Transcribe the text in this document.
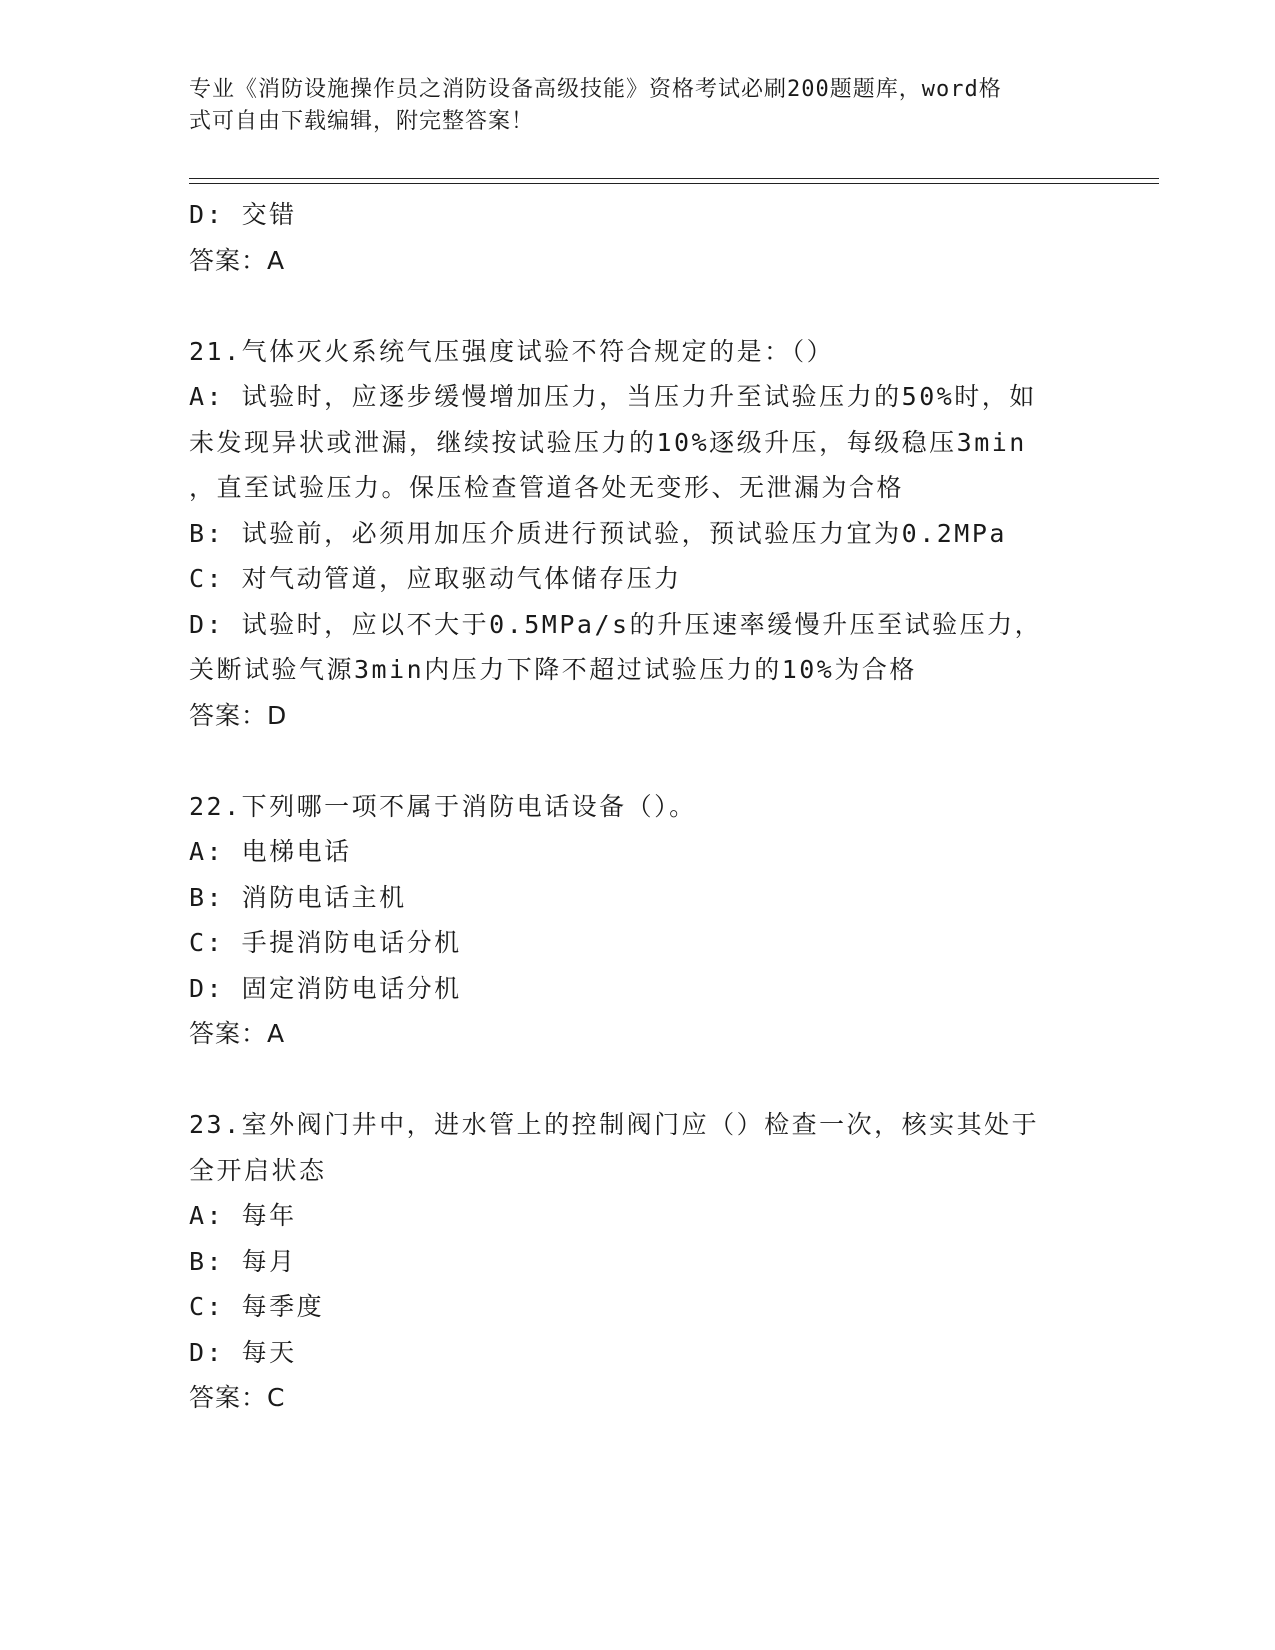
专业《消防设施操作员之消防设备高级技能》资格考试必刷200题题库，word格
式可自由下载编辑，附完整答案！
D: 交错
答案：A
21.气体灭火系统气压强度试验不符合规定的是：（）
A: 试验时，应逐步缓慢增加压力，当压力升至试验压力的50%时，如
未发现异状或泄漏，继续按试验压力的10%逐级升压，每级稳压3min
，直至试验压力。保压检查管道各处无变形、无泄漏为合格
B: 试验前，必须用加压介质进行预试验，预试验压力宜为0.2MPa
C: 对气动管道，应取驱动气体储存压力
D: 试验时，应以不大于0.5MPa/s的升压速率缓慢升压至试验压力，
关断试验气源3min内压力下降不超过试验压力的10%为合格
答案：D
22.下列哪一项不属于消防电话设备（）。
A: 电梯电话
B: 消防电话主机
C: 手提消防电话分机
D: 固定消防电话分机
答案：A
23.室外阀门井中，进水管上的控制阀门应（）检查一次，核实其处于
全开启状态
A: 每年
B: 每月
C: 每季度
D: 每天
答案：C
